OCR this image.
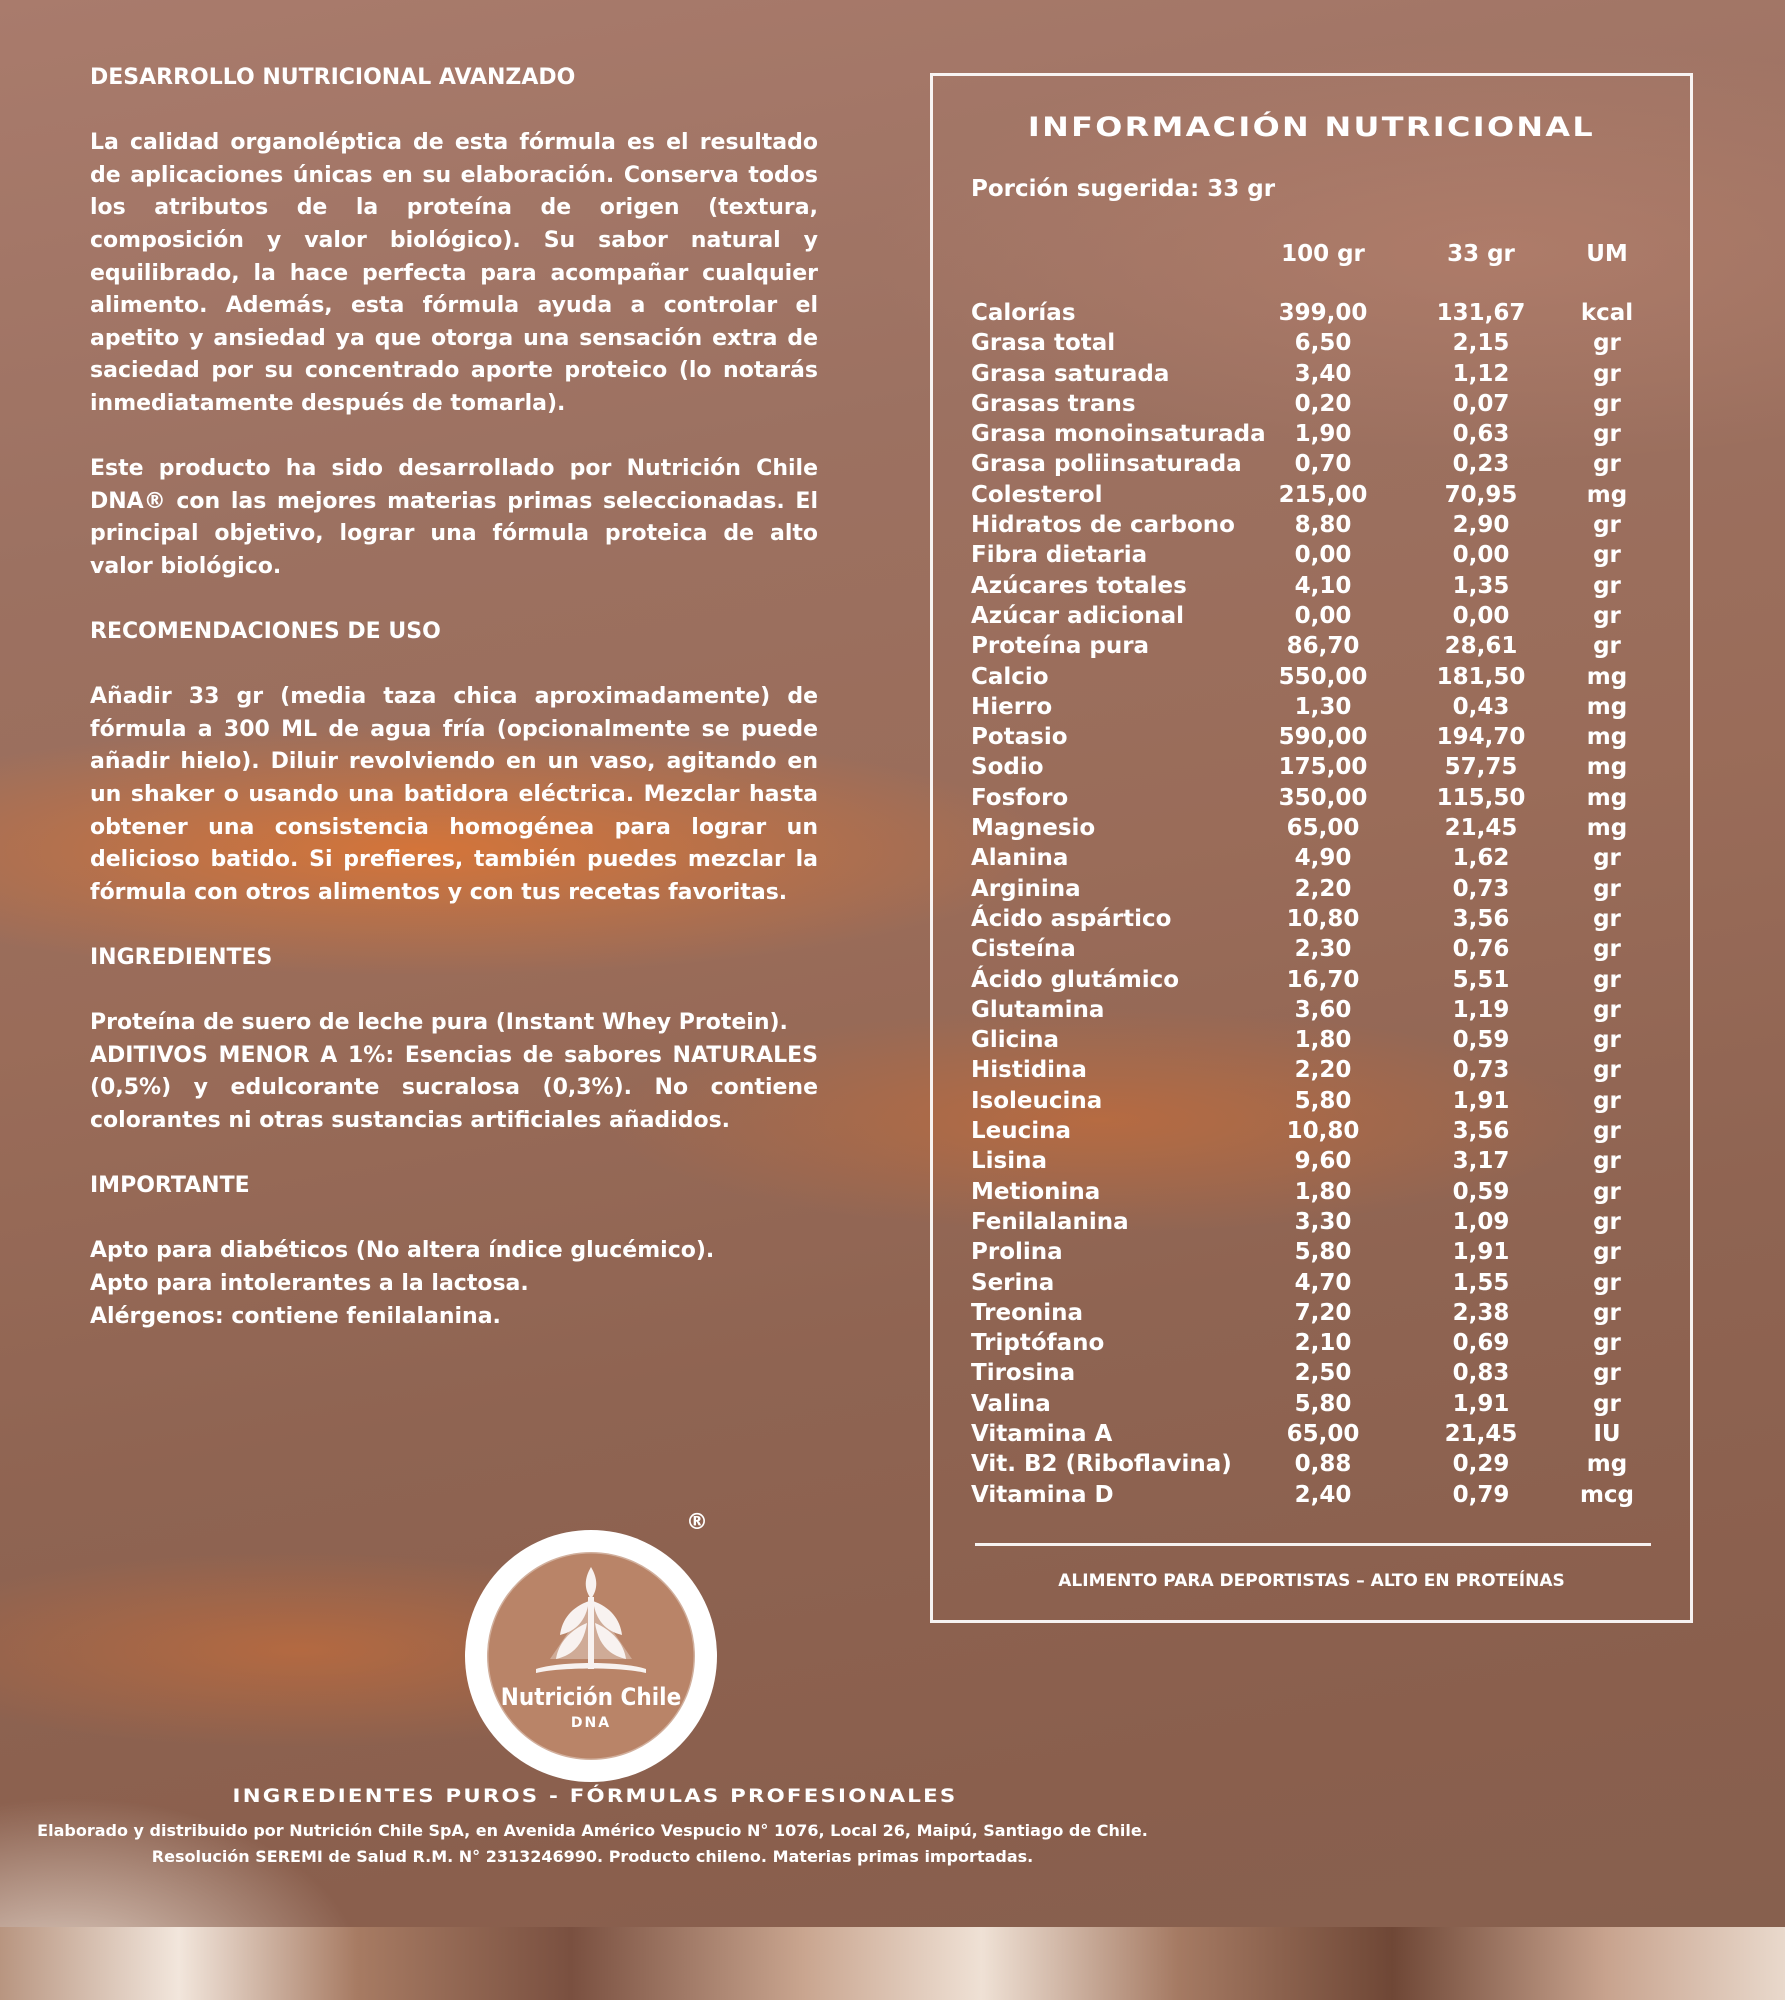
DESARROLLO NUTRICIONAL AVANZADO

La calidad organoléptica de esta fórmula es el resultado de aplicaciones únicas en su elaboración. Conserva todos los atributos de la proteína de origen (textura, composición y valor biológico). Su sabor natural y equilibrado, la hace perfecta para acompañar cualquier alimento. Además, esta fórmula ayuda a controlar el apetito y ansiedad ya que otorga una sensación extra de saciedad por su concentrado aporte proteico (lo notarás inmediatamente después de tomarla).

Este producto ha sido desarrollado por Nutrición Chile DNA® con las mejores materias primas seleccionadas. El principal objetivo, lograr una fórmula proteica de alto valor biológico.

RECOMENDACIONES DE USO

Añadir 33 gr (media taza chica aproximadamente) de fórmula a 300 ML de agua fría (opcionalmente se puede añadir hielo). Diluir revolviendo en un vaso, agitando en un shaker o usando una batidora eléctrica. Mezclar hasta obtener una consistencia homogénea para lograr un delicioso batido. Si prefieres, también puedes mezclar la fórmula con otros alimentos y con tus recetas favoritas.

INGREDIENTES

Proteína de suero de leche pura (Instant Whey Protein).

ADITIVOS MENOR A 1%: Esencias de sabores NATURALES (0,5%) y edulcorante sucralosa (0,3%). No contiene colorantes ni otras sustancias artificiales añadidos.

IMPORTANTE

Apto para diabéticos (No altera índice glucémico).

Apto para intolerantes a la lactosa.

Alérgenos: contiene fenilalanina.

INFORMACIÓN NUTRICIONAL
Porción sugerida: 33 gr
100 gr	33 gr	UM
Calorías	399,00	131,67	kcal
Grasa total	6,50	2,15	gr
Grasa saturada	3,40	1,12	gr
Grasas trans	0,20	0,07	gr
Grasa monoinsaturada	1,90	0,63	gr
Grasa poliinsaturada	0,70	0,23	gr
Colesterol	215,00	70,95	mg
Hidratos de carbono	8,80	2,90	gr
Fibra dietaria	0,00	0,00	gr
Azúcares totales	4,10	1,35	gr
Azúcar adicional	0,00	0,00	gr
Proteína pura	86,70	28,61	gr
Calcio	550,00	181,50	mg
Hierro	1,30	0,43	mg
Potasio	590,00	194,70	mg
Sodio	175,00	57,75	mg
Fosforo	350,00	115,50	mg
Magnesio	65,00	21,45	mg
Alanina	4,90	1,62	gr
Arginina	2,20	0,73	gr
Ácido aspártico	10,80	3,56	gr
Cisteína	2,30	0,76	gr
Ácido glutámico	16,70	5,51	gr
Glutamina	3,60	1,19	gr
Glicina	1,80	0,59	gr
Histidina	2,20	0,73	gr
Isoleucina	5,80	1,91	gr
Leucina	10,80	3,56	gr
Lisina	9,60	3,17	gr
Metionina	1,80	0,59	gr
Fenilalanina	3,30	1,09	gr
Prolina	5,80	1,91	gr
Serina	4,70	1,55	gr
Treonina	7,20	2,38	gr
Triptófano	2,10	0,69	gr
Tirosina	2,50	0,83	gr
Valina	5,80	1,91	gr
Vitamina A	65,00	21,45	IU
Vit. B2 (Riboflavina)	0,88	0,29	mg
Vitamina D	2,40	0,79	mcg
ALIMENTO PARA DEPORTISTAS – ALTO EN PROTEÍNAS
Nutrición Chile
DNA
®
INGREDIENTES PUROS - FÓRMULAS PROFESIONALES
Elaborado y distribuido por Nutrición Chile SpA, en Avenida Américo Vespucio N° 1076, Local 26, Maipú, Santiago de Chile.
Resolución SEREMI de Salud R.M. N° 2313246990. Producto chileno. Materias primas importadas.
